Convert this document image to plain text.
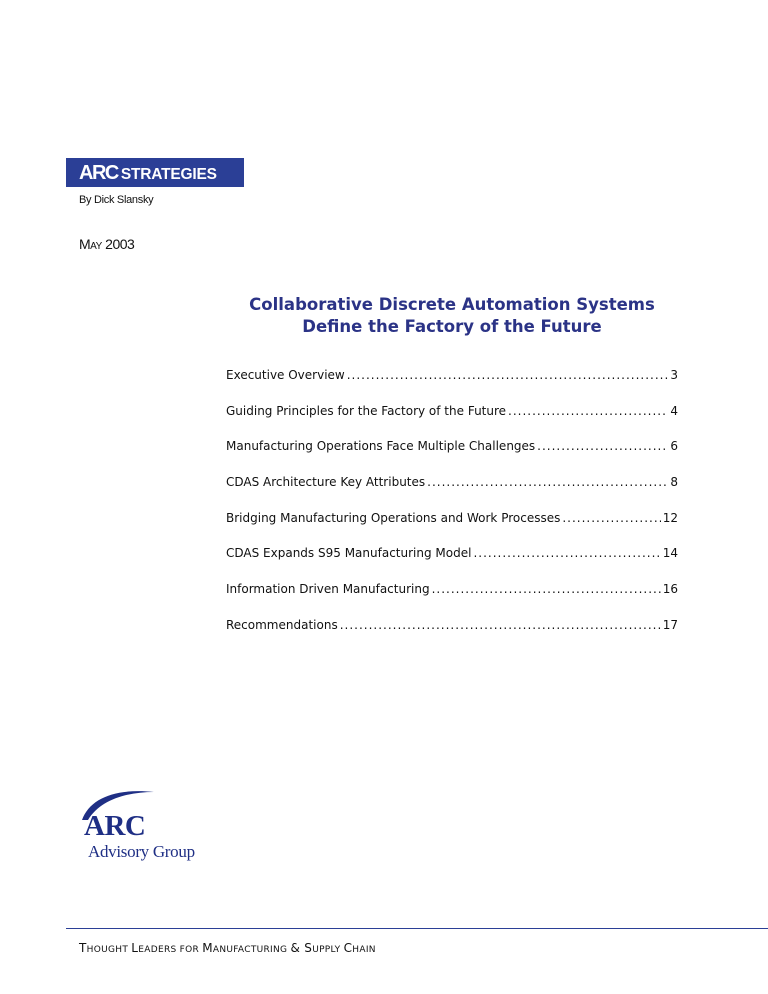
ARC STRATEGIES
By Dick Slansky
MAY 2003
Collaborative Discrete Automation Systems
Define the Factory of the Future
Executive Overview .....	3
Guiding Principles for the Factory of the Future .....	4
Manufacturing Operations Face Multiple Challenges .....	6
CDAS Architecture Key Attributes .....	8
Bridging Manufacturing Operations and Work Processes .....	12
CDAS Expands S95 Manufacturing Model .....	14
Information Driven Manufacturing .....	16
Recommendations .....	17
ARC
Advisory Group
THOUGHT LEADERS FOR MANUFACTURING & SUPPLY CHAIN
